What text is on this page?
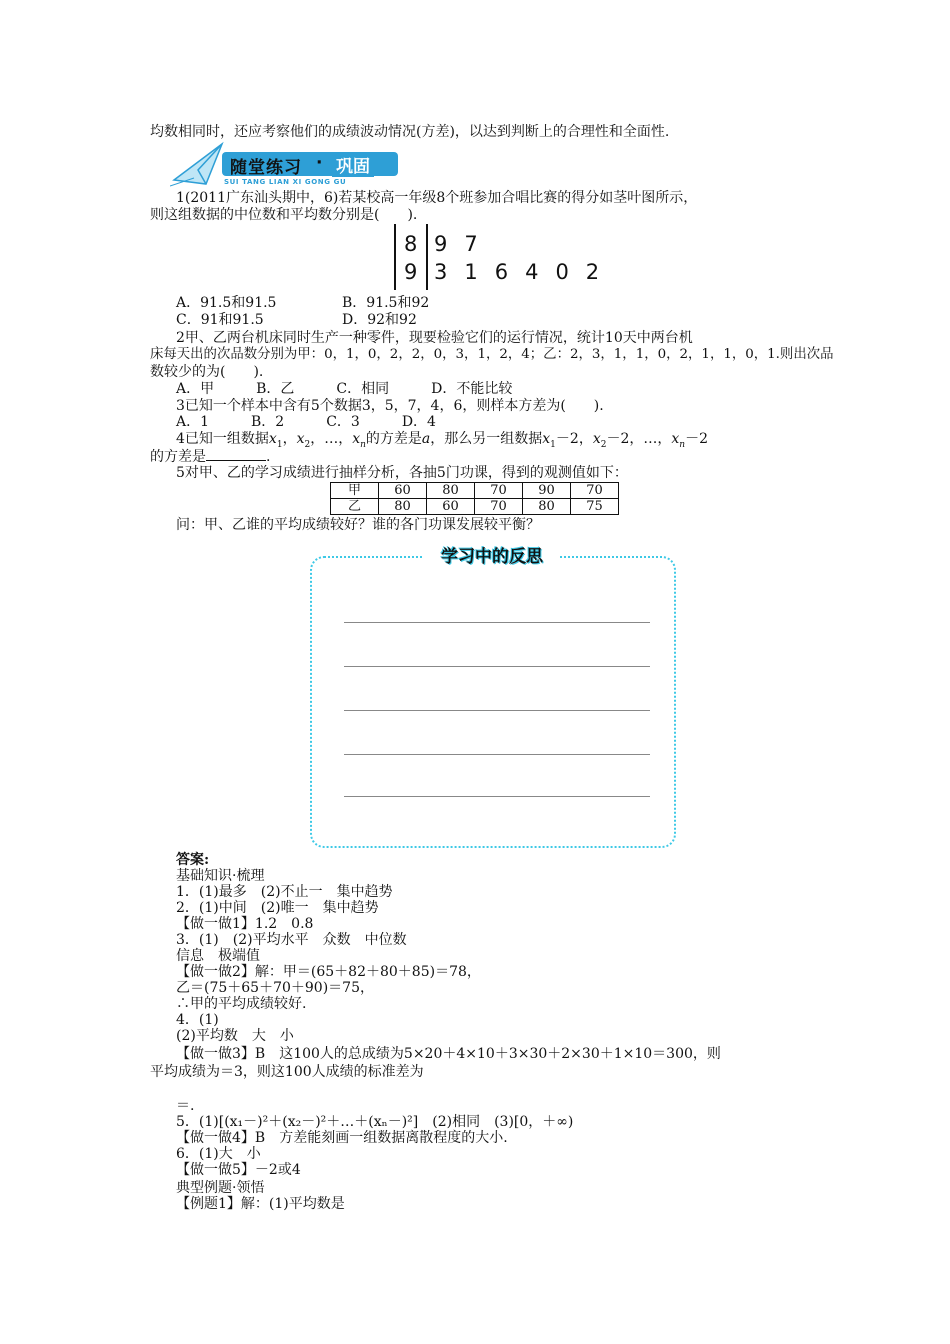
均数相同时，还应考察他们的成绩波动情况(方差)，以达到判断上的合理性和全面性.
随堂练习 · 巩固
SUI TANG LIAN XI GONG GU
1(2011广东汕头期中，6)若某校高一年级8个班参加合唱比赛的得分如茎叶图所示，
则这组数据的中位数和平均数分别是(　　).
8 97
9 316402
A．91.5和91.5	B．91.5和92
C．91和91.5	D．92和92
2甲、乙两台机床同时生产一种零件，现要检验它们的运行情况，统计10天中两台机
床每天出的次品数分别为甲：0，1，0，2，2，0，3，1，2，4；乙：2，3，1，1，0，2，1，1，0，1.则出次品
数较少的为(　　).
A．甲　　　B．乙　　　C．相同　　　D．不能比较
3已知一个样本中含有5个数据3，5，7，4，6，则样本方差为(　　).
A．1　　　B．2　　　C．3　　　D．4
4已知一组数据$x_1$，$x_2$，…，$x_n$的方差是a，那么另一组数据$x_1-2$，$x_2-2$，…，$x_n-2$
的方差是	.
5对甲、乙的学习成绩进行抽样分析，各抽5门功课，得到的观测值如下：
甲	60	80	70	90	70
乙	80	60	70	80	75
问：甲、乙谁的平均成绩较好？谁的各门功课发展较平衡？
学习中的反思
答案:
基础知识·梳理
1．(1)最多　(2)不止一　集中趋势
2．(1)中间　(2)唯一　集中趋势
【做一做1】1.2　0.8
3．(1)　(2)平均水平　众数　中位数
信息　极端值
【做一做2】解：甲＝(65＋82＋80＋85)＝78，
乙＝(75＋65＋70＋90)＝75，
∴甲的平均成绩较好.
4．(1)
(2)平均数　大　小
【做一做3】B　这100人的总成绩为5×20＋4×10＋3×30＋2×30＋1×10＝300，则
平均成绩为＝3，则这100人成绩的标准差为
＝.
5．(1)[(x₁－)²＋(x₂－)²＋…＋(xₙ－)²]　(2)相同　(3)[0，＋∞)
【做一做4】B　方差能刻画一组数据离散程度的大小.
6．(1)大　小
【做一做5】－2或4
典型例题·领悟
【例题1】解：(1)平均数是
